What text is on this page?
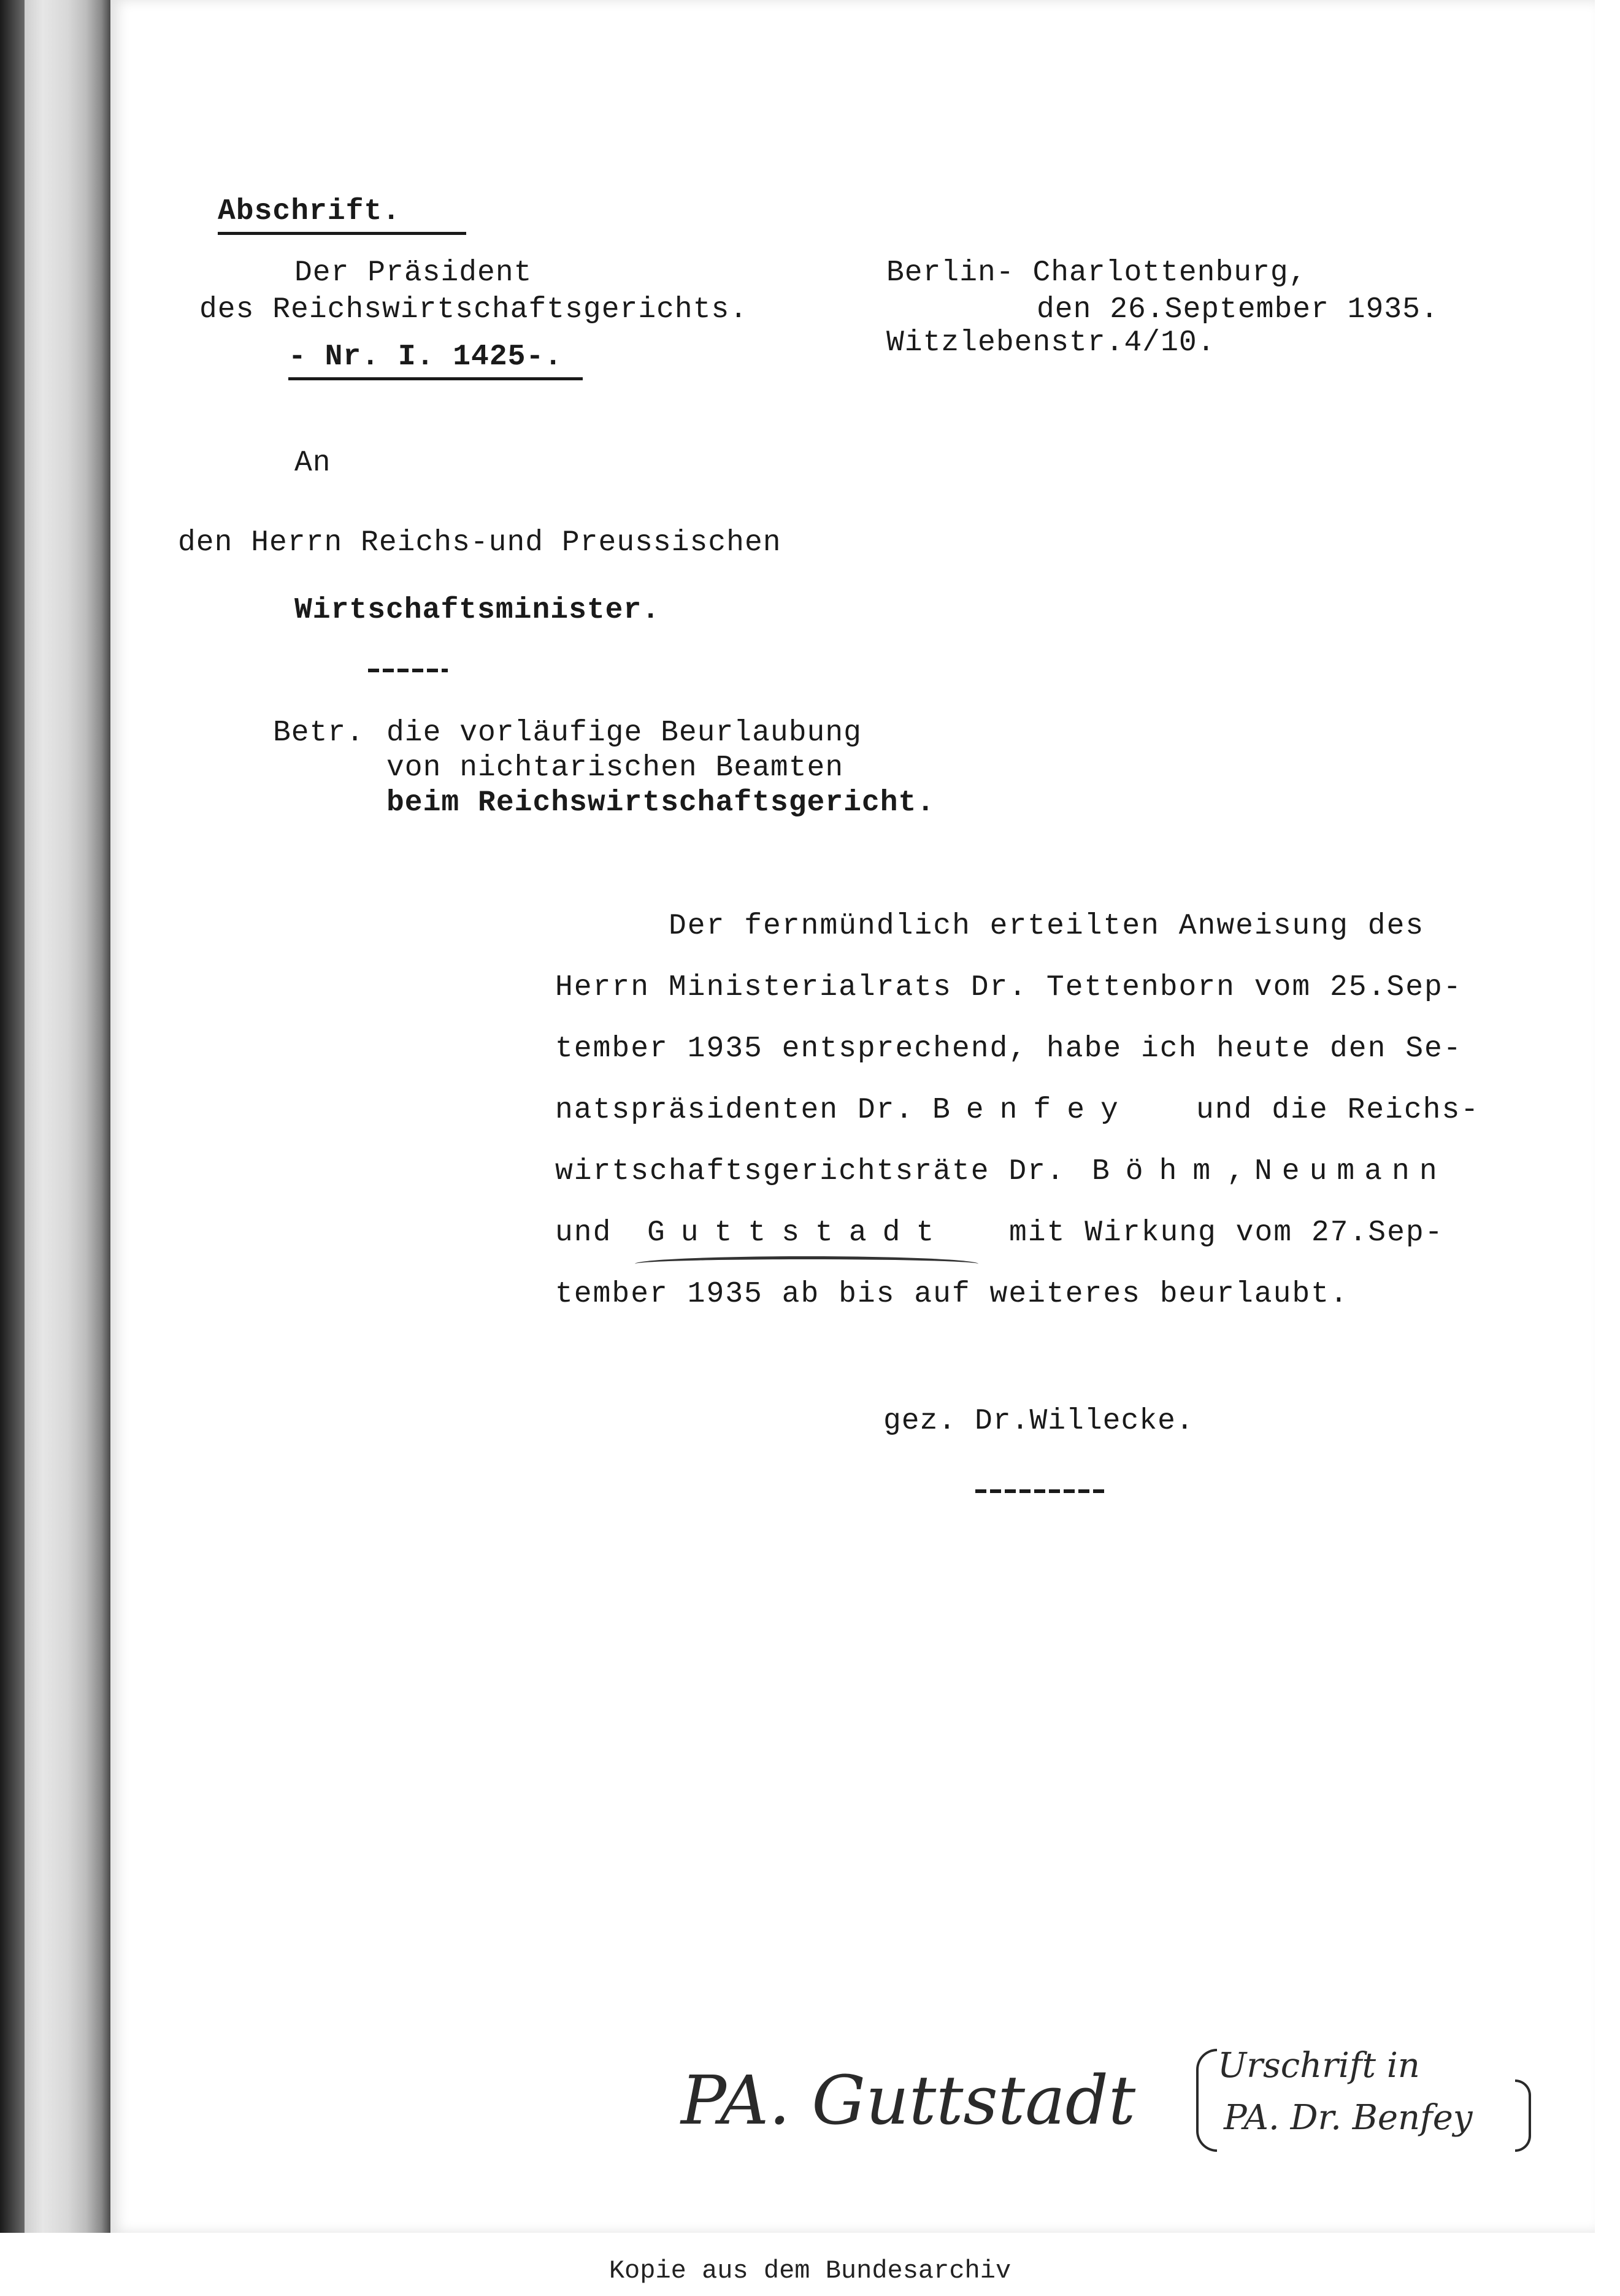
Abschrift.
Der Präsident
des Reichswirtschaftsgerichts.
- Nr. I. 1425-.
Berlin- Charlottenburg,
den 26.September 1935.
Witzlebenstr.4/10.
An
den Herrn Reichs-und Preussischen
Wirtschaftsminister.
Betr. die vorläufige Beurlaubung
von nichtarischen Beamten
beim Reichswirtschaftsgericht.
Der fernmündlich erteilten Anweisung des
Herrn Ministerialrats Dr. Tettenborn vom 25.Sep-
tember 1935 entsprechend, habe ich heute den Se-
natspräsidenten Dr. Benfey und die Reichs-
wirtschaftsgerichtsräte Dr. Böhm , Neumann
und Guttstadt mit Wirkung vom 27.Sep-
tember 1935 ab bis auf weiteres beurlaubt.
gez. Dr.Willecke.
PA. Guttstadt Urschrift in
PA. Dr. Benfey
Kopie aus dem Bundesarchiv
